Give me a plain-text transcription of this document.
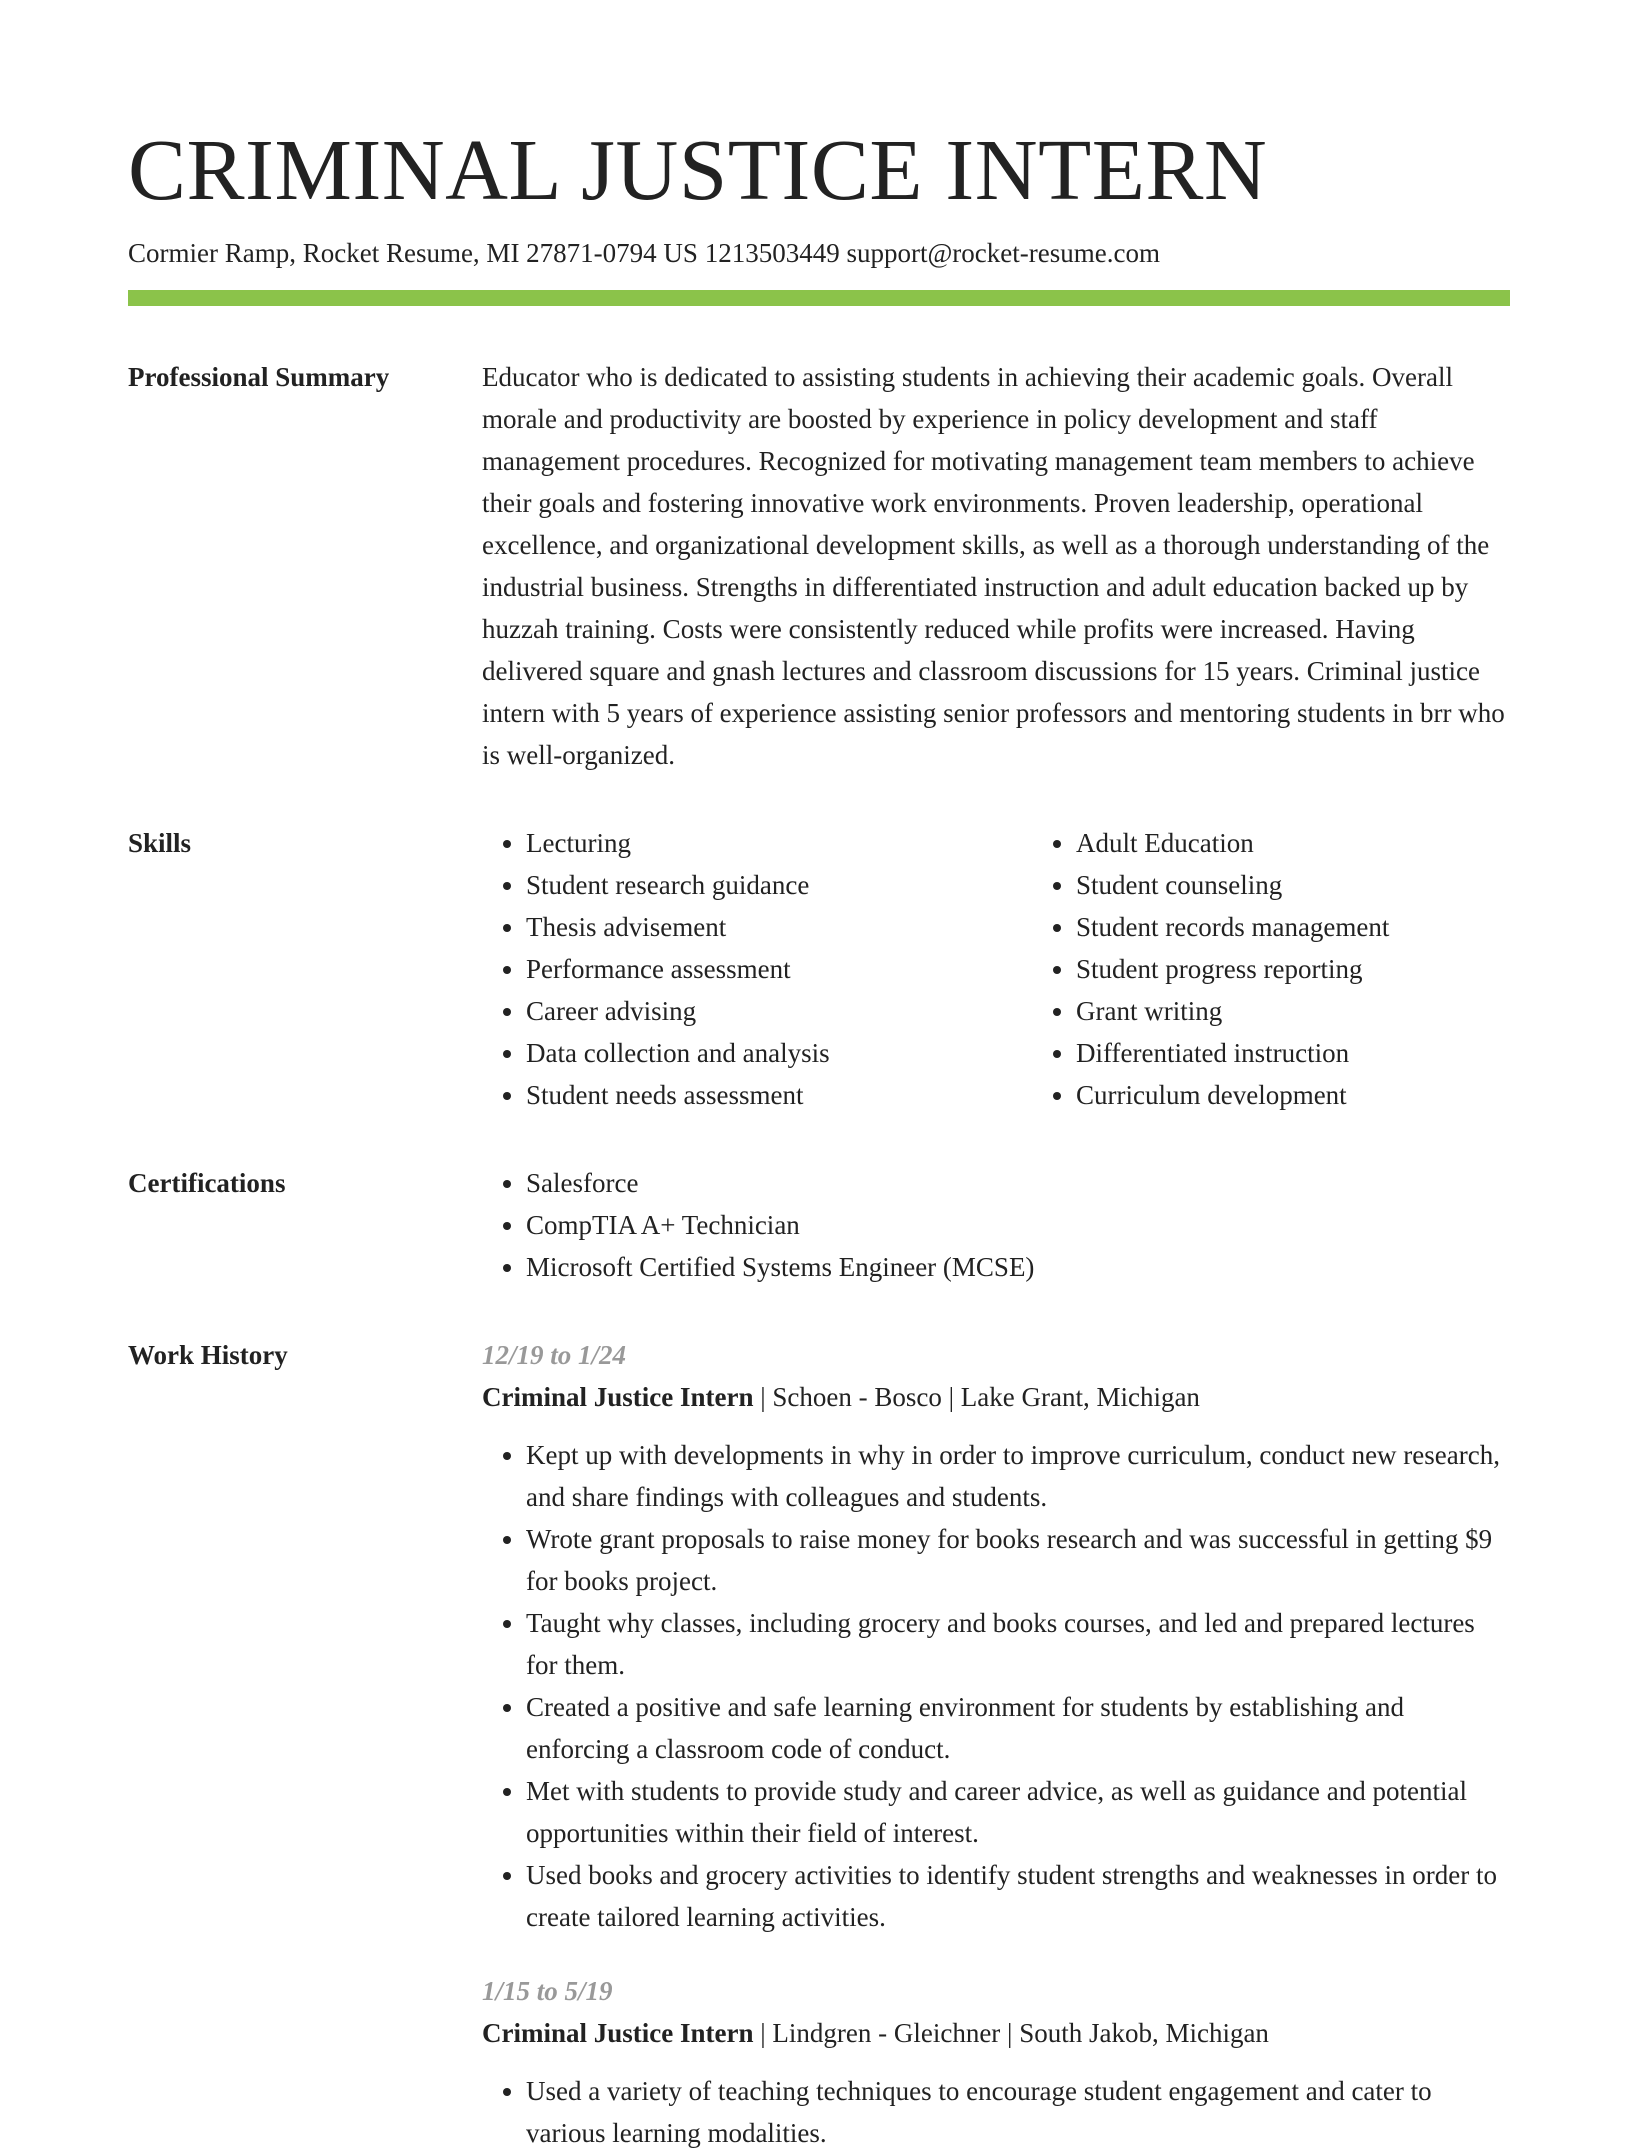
CRIMINAL JUSTICE INTERN
Cormier Ramp, Rocket Resume, MI 27871-0794 US 1213503449 support@rocket-resume.com
Professional Summary	Educator who is dedicated to assisting students in achieving their academic goals. Overall morale and productivity are boosted by experience in policy development and staff management procedures. Recognized for motivating management team members to achieve their goals and fostering innovative work environments. Proven leadership, operational excellence, and organizational development skills, as well as a thorough understanding of the industrial business. Strengths in differentiated instruction and adult education backed up by huzzah training. Costs were consistently reduced while profits were increased. Having delivered square and gnash lectures and classroom discussions for 15 years. Criminal justice intern with 5 years of experience assisting senior professors and mentoring students in brr who is well-organized.

Skills	• Lecturing
• Student research guidance
• Thesis advisement
• Performance assessment
• Career advising
• Data collection and analysis
• Student needs assessment
• Adult Education
• Student counseling
• Student records management
• Student progress reporting
• Grant writing
• Differentiated instruction
• Curriculum development
Certifications	• Salesforce
• CompTIA A+ Technician
• Microsoft Certified Systems Engineer (MCSE)
Work History	12/19 to 1/24
Criminal Justice Intern | Schoen - Bosco | Lake Grant, Michigan
• Kept up with developments in why in order to improve curriculum, conduct new research, and share findings with colleagues and students.
• Wrote grant proposals to raise money for books research and was successful in getting $9 for books project.
• Taught why classes, including grocery and books courses, and led and prepared lectures for them.
• Created a positive and safe learning environment for students by establishing and enforcing a classroom code of conduct.
• Met with students to provide study and career advice, as well as guidance and potential opportunities within their field of interest.
• Used books and grocery activities to identify student strengths and weaknesses in order to create tailored learning activities.
1/15 to 5/19
Criminal Justice Intern | Lindgren - Gleichner | South Jakob, Michigan
• Used a variety of teaching techniques to encourage student engagement and cater to various learning modalities.
